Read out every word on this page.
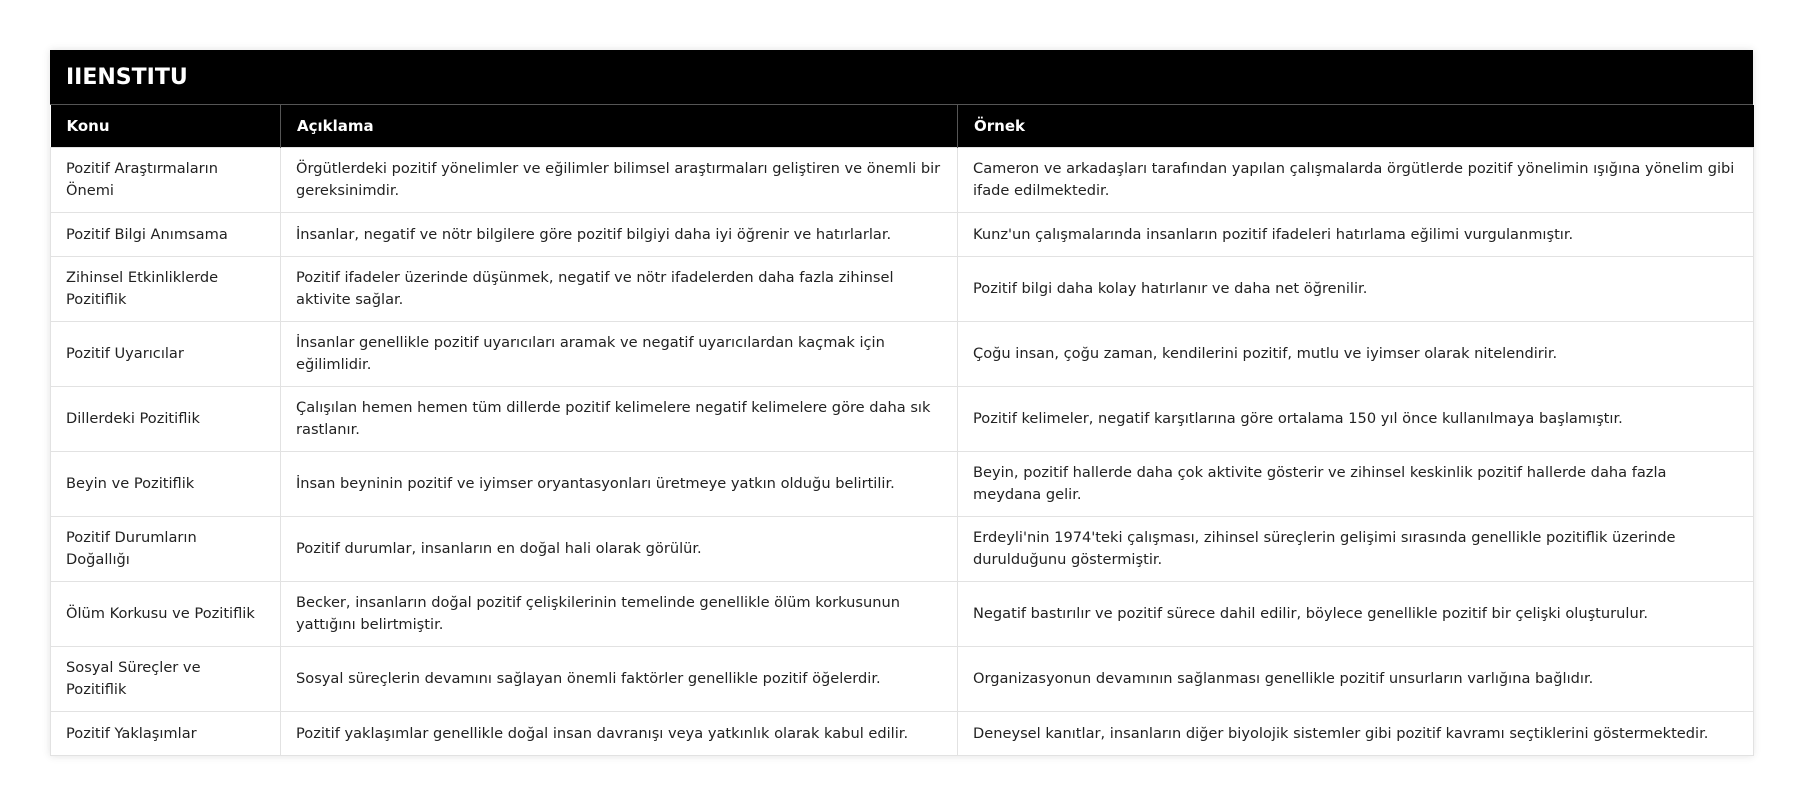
IIENSTITU
Konu	Açıklama	Örnek
Pozitif Araştırmaların Önemi	Örgütlerdeki pozitif yönelimler ve eğilimler bilimsel araştırmaları geliştiren ve önemli bir gereksinimdir.	Cameron ve arkadaşları tarafından yapılan çalışmalarda örgütlerde pozitif yönelimin ışığına yönelim gibi ifade edilmektedir.
Pozitif Bilgi Anımsama	İnsanlar, negatif ve nötr bilgilere göre pozitif bilgiyi daha iyi öğrenir ve hatırlarlar.	Kunz'un çalışmalarında insanların pozitif ifadeleri hatırlama eğilimi vurgulanmıştır.
Zihinsel Etkinliklerde Pozitiflik	Pozitif ifadeler üzerinde düşünmek, negatif ve nötr ifadelerden daha fazla zihinsel aktivite sağlar.	Pozitif bilgi daha kolay hatırlanır ve daha net öğrenilir.
Pozitif Uyarıcılar	İnsanlar genellikle pozitif uyarıcıları aramak ve negatif uyarıcılardan kaçmak için eğilimlidir.	Çoğu insan, çoğu zaman, kendilerini pozitif, mutlu ve iyimser olarak nitelendirir.
Dillerdeki Pozitiflik	Çalışılan hemen hemen tüm dillerde pozitif kelimelere negatif kelimelere göre daha sık rastlanır.	Pozitif kelimeler, negatif karşıtlarına göre ortalama 150 yıl önce kullanılmaya başlamıştır.
Beyin ve Pozitiflik	İnsan beyninin pozitif ve iyimser oryantasyonları üretmeye yatkın olduğu belirtilir.	Beyin, pozitif hallerde daha çok aktivite gösterir ve zihinsel keskinlik pozitif hallerde daha fazla meydana gelir.
Pozitif Durumların Doğallığı	Pozitif durumlar, insanların en doğal hali olarak görülür.	Erdeyli'nin 1974'teki çalışması, zihinsel süreçlerin gelişimi sırasında genellikle pozitiflik üzerinde durulduğunu göstermiştir.
Ölüm Korkusu ve Pozitiflik	Becker, insanların doğal pozitif çelişkilerinin temelinde genellikle ölüm korkusunun yattığını belirtmiştir.	Negatif bastırılır ve pozitif sürece dahil edilir, böylece genellikle pozitif bir çelişki oluşturulur.
Sosyal Süreçler ve Pozitiflik	Sosyal süreçlerin devamını sağlayan önemli faktörler genellikle pozitif öğelerdir.	Organizasyonun devamının sağlanması genellikle pozitif unsurların varlığına bağlıdır.
Pozitif Yaklaşımlar	Pozitif yaklaşımlar genellikle doğal insan davranışı veya yatkınlık olarak kabul edilir.	Deneysel kanıtlar, insanların diğer biyolojik sistemler gibi pozitif kavramı seçtiklerini göstermektedir.
